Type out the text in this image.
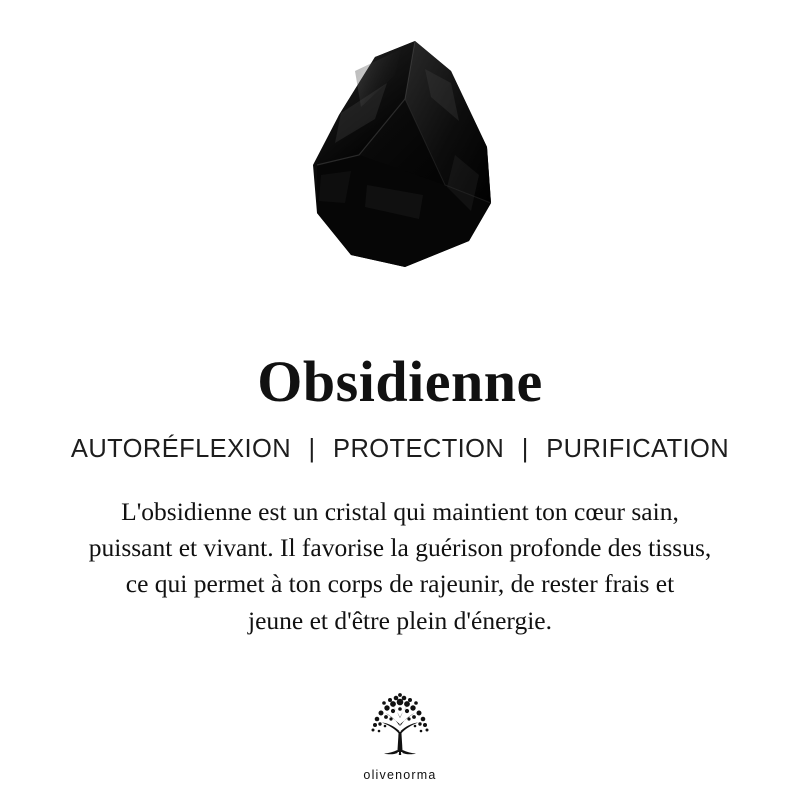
Obsidienne
AUTORÉFLEXION | PROTECTION | PURIFICATION
L'obsidienne est un cristal qui maintient ton cœur sain,
puissant et vivant. Il favorise la guérison profonde des tissus,
ce qui permet à ton corps de rajeunir, de rester frais et
jeune et d'être plein d'énergie.
olivenorma
